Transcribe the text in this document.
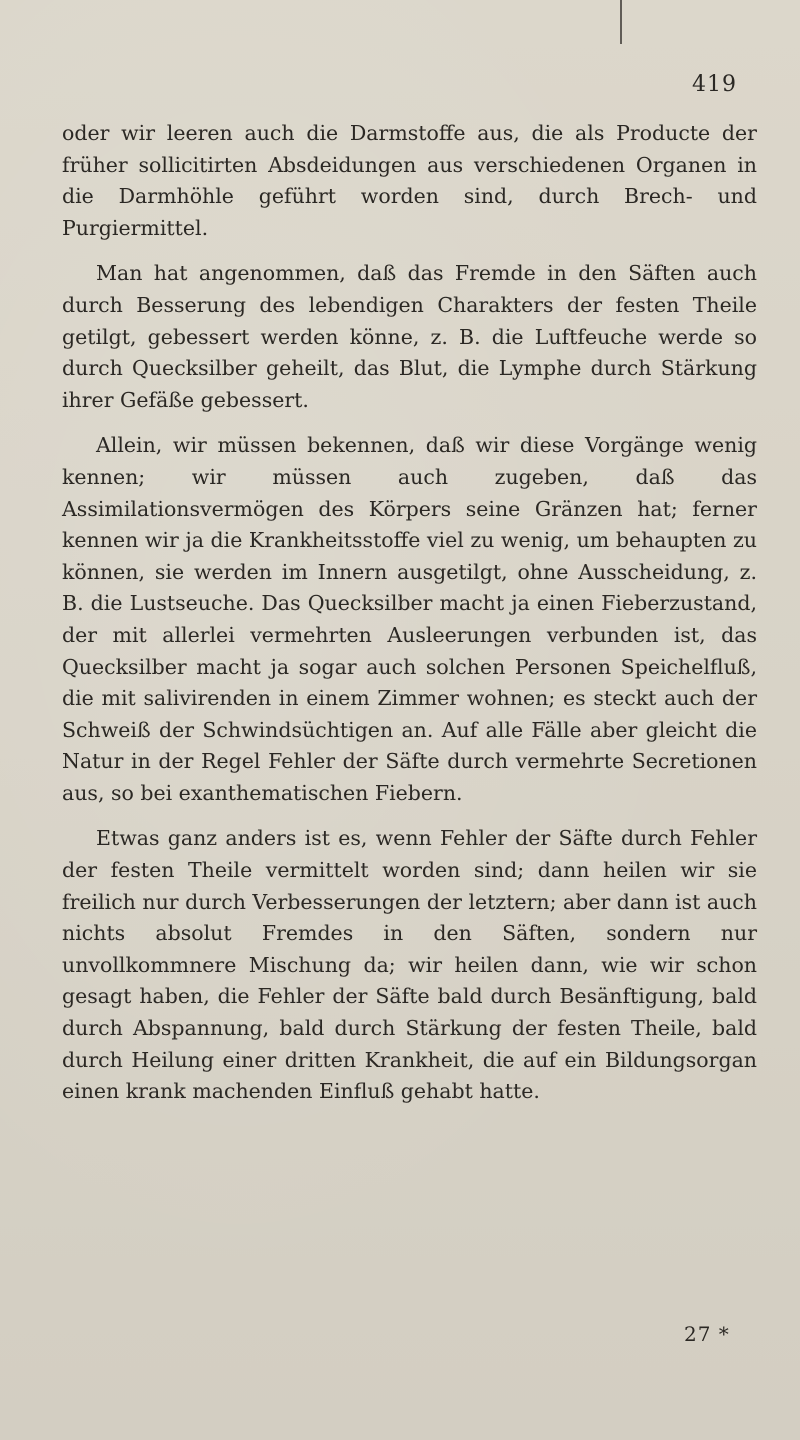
419

oder wir leeren auch die Darmstoffe aus, die als Producte der früher sollicitirten Absdeidungen aus verschiedenen Organen in die Darmhöhle geführt worden sind, durch Brech- und Purgiermittel.

Man hat angenommen, daß das Fremde in den Säften auch durch Besserung des lebendigen Charakters der festen Theile getilgt, gebessert werden könne, z. B. die Luftfeuche werde so durch Quecksilber geheilt, das Blut, die Lymphe durch Stärkung ihrer Gefäße gebessert.

Allein, wir müssen bekennen, daß wir diese Vorgänge wenig kennen; wir müssen auch zugeben, daß das Assimilationsvermögen des Körpers seine Gränzen hat; ferner kennen wir ja die Krankheitsstoffe viel zu wenig, um behaupten zu können, sie werden im Innern ausgetilgt, ohne Ausscheidung, z. B. die Lustseuche. Das Quecksilber macht ja einen Fieberzustand, der mit allerlei vermehrten Ausleerungen verbunden ist, das Quecksilber macht ja sogar auch solchen Personen Speichelfluß, die mit salivirenden in einem Zimmer wohnen; es steckt auch der Schweiß der Schwindsüchtigen an. Auf alle Fälle aber gleicht die Natur in der Regel Fehler der Säfte durch vermehrte Secretionen aus, so bei exanthematischen Fiebern.

Etwas ganz anders ist es, wenn Fehler der Säfte durch Fehler der festen Theile vermittelt worden sind; dann heilen wir sie freilich nur durch Verbesserungen der letztern; aber dann ist auch nichts absolut Fremdes in den Säften, sondern nur unvollkommnere Mischung da; wir heilen dann, wie wir schon gesagt haben, die Fehler der Säfte bald durch Besänftigung, bald durch Abspannung, bald durch Stärkung der festen Theile, bald durch Heilung einer dritten Krankheit, die auf ein Bildungsorgan einen krank machenden Einfluß gehabt hatte.

27 *
